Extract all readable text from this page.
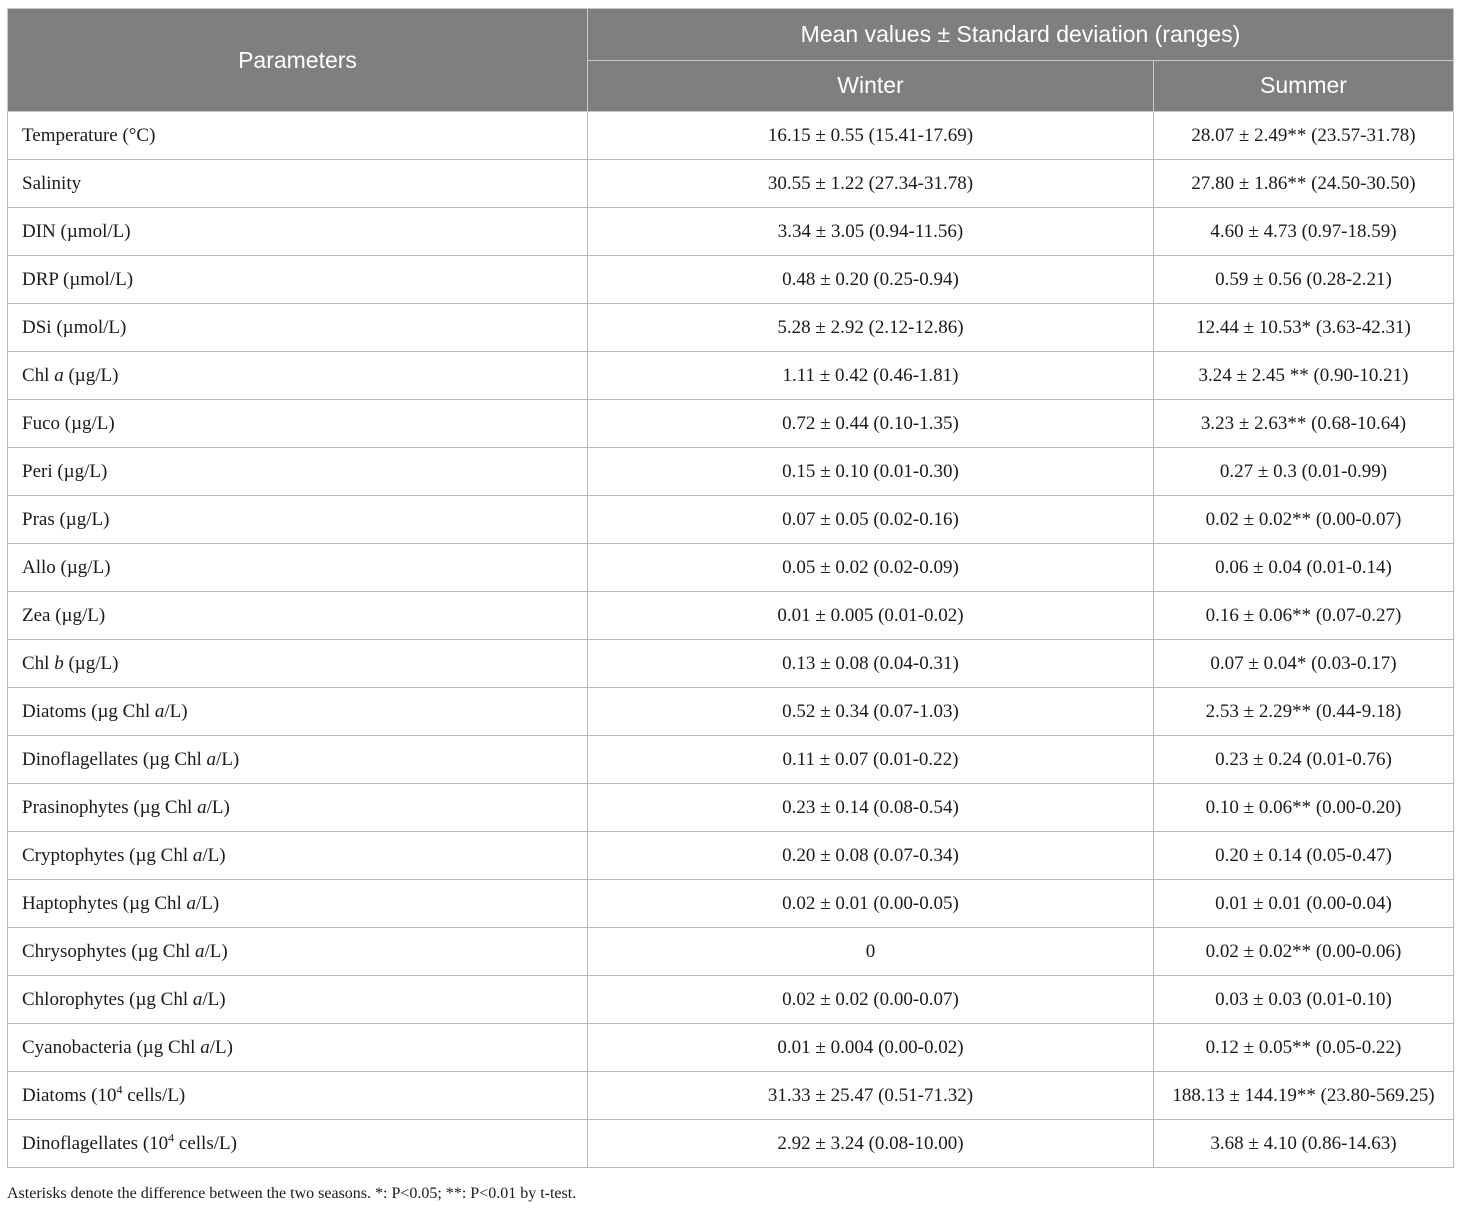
Parameters	Mean values ± Standard deviation (ranges)	
	Winter	Summer
Temperature (°C)	16.15 ± 0.55 (15.41-17.69)	28.07 ± 2.49** (23.57-31.78)
Salinity	30.55 ± 1.22 (27.34-31.78)	27.80 ± 1.86** (24.50-30.50)
DIN (µmol/L)	3.34 ± 3.05 (0.94-11.56)	4.60 ± 4.73 (0.97-18.59)
DRP (µmol/L)	0.48 ± 0.20 (0.25-0.94)	0.59 ± 0.56 (0.28-2.21)
DSi (µmol/L)	5.28 ± 2.92 (2.12-12.86)	12.44 ± 10.53* (3.63-42.31)
Chl a (µg/L)	1.11 ± 0.42 (0.46-1.81)	3.24 ± 2.45 ** (0.90-10.21)
Fuco (µg/L)	0.72 ± 0.44 (0.10-1.35)	3.23 ± 2.63** (0.68-10.64)
Peri (µg/L)	0.15 ± 0.10 (0.01-0.30)	0.27 ± 0.3 (0.01-0.99)
Pras (µg/L)	0.07 ± 0.05 (0.02-0.16)	0.02 ± 0.02** (0.00-0.07)
Allo (µg/L)	0.05 ± 0.02 (0.02-0.09)	0.06 ± 0.04 (0.01-0.14)
Zea (µg/L)	0.01 ± 0.005 (0.01-0.02)	0.16 ± 0.06** (0.07-0.27)
Chl b (µg/L)	0.13 ± 0.08 (0.04-0.31)	0.07 ± 0.04* (0.03-0.17)
Diatoms (µg Chl a/L)	0.52 ± 0.34 (0.07-1.03)	2.53 ± 2.29** (0.44-9.18)
Dinoflagellates (µg Chl a/L)	0.11 ± 0.07 (0.01-0.22)	0.23 ± 0.24 (0.01-0.76)
Prasinophytes (µg Chl a/L)	0.23 ± 0.14 (0.08-0.54)	0.10 ± 0.06** (0.00-0.20)
Cryptophytes (µg Chl a/L)	0.20 ± 0.08 (0.07-0.34)	0.20 ± 0.14 (0.05-0.47)
Haptophytes (µg Chl a/L)	0.02 ± 0.01 (0.00-0.05)	0.01 ± 0.01 (0.00-0.04)
Chrysophytes (µg Chl a/L)	0	0.02 ± 0.02** (0.00-0.06)
Chlorophytes (µg Chl a/L)	0.02 ± 0.02 (0.00-0.07)	0.03 ± 0.03 (0.01-0.10)
Cyanobacteria (µg Chl a/L)	0.01 ± 0.004 (0.00-0.02)	0.12 ± 0.05** (0.05-0.22)
Diatoms ($10^4$ cells/L)	31.33 ± 25.47 (0.51-71.32)	188.13 ± 144.19** (23.80-569.25)
Dinoflagellates ($10^4$ cells/L)	2.92 ± 3.24 (0.08-10.00)	3.68 ± 4.10 (0.86-14.63)
Asterisks denote the difference between the two seasons. *: P<0.05; **: P<0.01 by t-test.
